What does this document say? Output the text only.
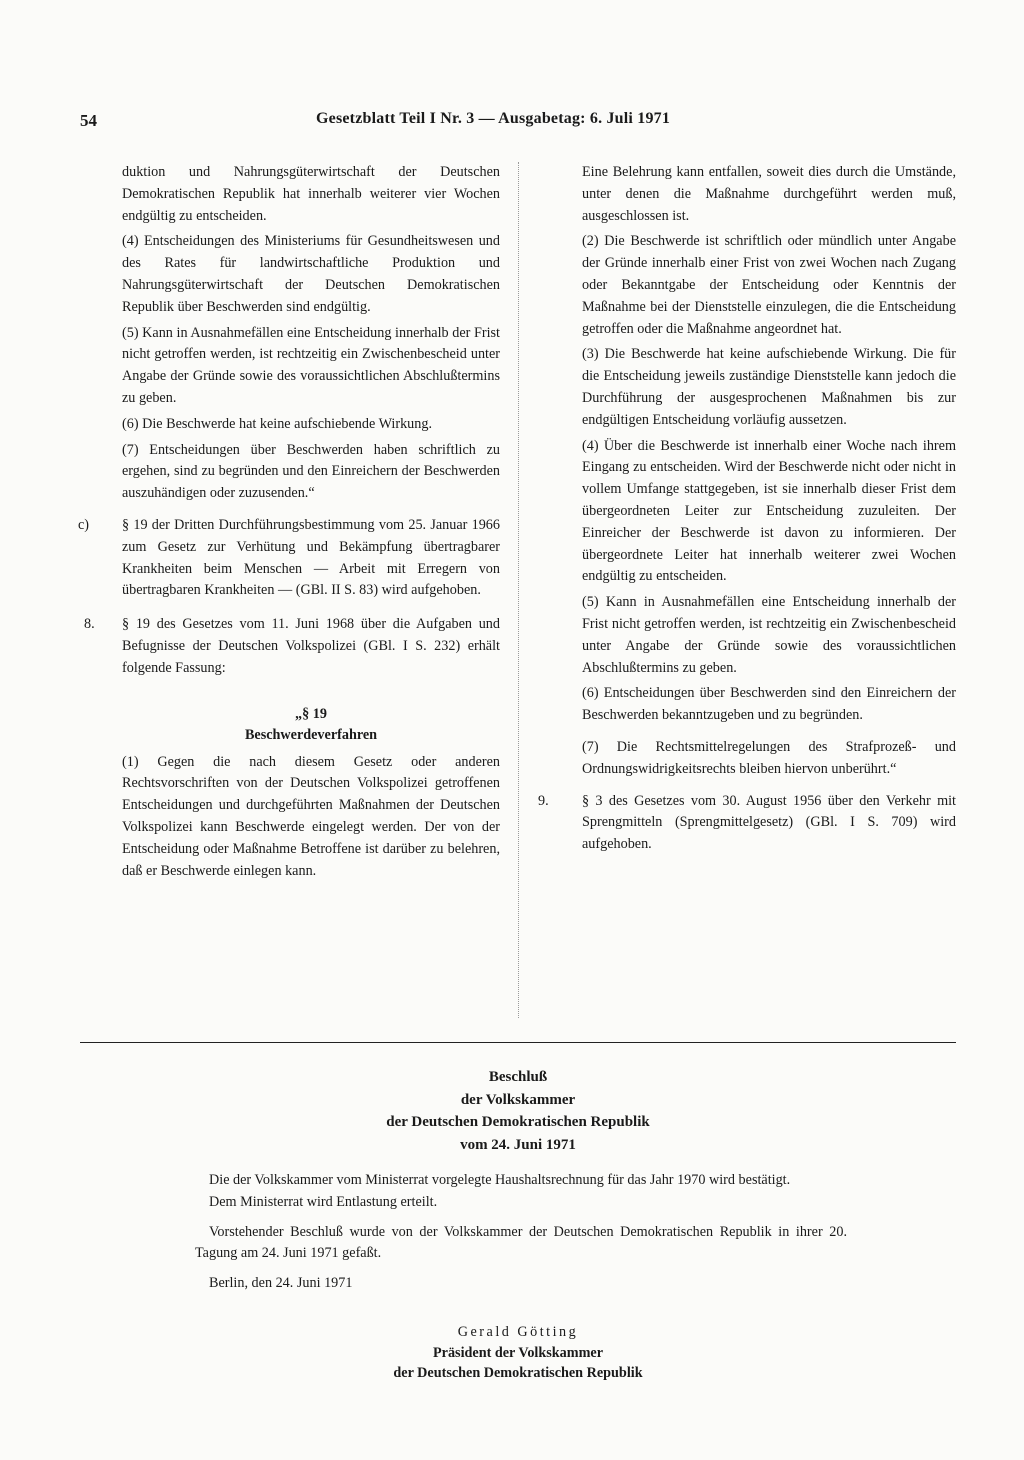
54	Gesetzblatt Teil I Nr. 3 — Ausgabetag: 6. Juli 1971

duktion und Nahrungsgüterwirtschaft der Deutschen Demokratischen Republik hat innerhalb weiterer vier Wochen endgültig zu entscheiden.

(4) Entscheidungen des Ministeriums für Gesundheitswesen und des Rates für landwirtschaftliche Produktion und Nahrungsgüterwirtschaft der Deutschen Demokratischen Republik über Beschwerden sind endgültig.

(5) Kann in Ausnahmefällen eine Entscheidung innerhalb der Frist nicht getroffen werden, ist rechtzeitig ein Zwischenbescheid unter Angabe der Gründe sowie des voraussichtlichen Abschlußtermins zu geben.

(6) Die Beschwerde hat keine aufschiebende Wirkung.

(7) Entscheidungen über Beschwerden haben schriftlich zu ergehen, sind zu begründen und den Einreichern der Beschwerden auszuhändigen oder zuzusenden.“

c) § 19 der Dritten Durchführungsbestimmung vom 25. Januar 1966 zum Gesetz zur Verhütung und Bekämpfung übertragbarer Krankheiten beim Menschen — Arbeit mit Erregern von übertragbaren Krankheiten — (GBl. II S. 83) wird aufgehoben.
8. § 19 des Gesetzes vom 11. Juni 1968 über die Aufgaben und Befugnisse der Deutschen Volkspolizei (GBl. I S. 232) erhält folgende Fassung:
„§ 19
Beschwerdeverfahren

(1) Gegen die nach diesem Gesetz oder anderen Rechtsvorschriften von der Deutschen Volkspolizei getroffenen Entscheidungen und durchgeführten Maßnahmen der Deutschen Volkspolizei kann Beschwerde eingelegt werden. Der von der Entscheidung oder Maßnahme Betroffene ist darüber zu belehren, daß er Beschwerde einlegen kann.

Eine Belehrung kann entfallen, soweit dies durch die Umstände, unter denen die Maßnahme durchgeführt werden muß, ausgeschlossen ist.

(2) Die Beschwerde ist schriftlich oder mündlich unter Angabe der Gründe innerhalb einer Frist von zwei Wochen nach Zugang oder Bekanntgabe der Entscheidung oder Kenntnis der Maßnahme bei der Dienststelle einzulegen, die die Entscheidung getroffen oder die Maßnahme angeordnet hat.

(3) Die Beschwerde hat keine aufschiebende Wirkung. Die für die Entscheidung jeweils zuständige Dienststelle kann jedoch die Durchführung der ausgesprochenen Maßnahmen bis zur endgültigen Entscheidung vorläufig aussetzen.

(4) Über die Beschwerde ist innerhalb einer Woche nach ihrem Eingang zu entscheiden. Wird der Beschwerde nicht oder nicht in vollem Umfange stattgegeben, ist sie innerhalb dieser Frist dem übergeordneten Leiter zur Entscheidung zuzuleiten. Der Einreicher der Beschwerde ist davon zu informieren. Der übergeordnete Leiter hat innerhalb weiterer zwei Wochen endgültig zu entscheiden.

(5) Kann in Ausnahmefällen eine Entscheidung innerhalb der Frist nicht getroffen werden, ist rechtzeitig ein Zwischenbescheid unter Angabe der Gründe sowie des voraussichtlichen Abschlußtermins zu geben.

(6) Entscheidungen über Beschwerden sind den Einreichern der Beschwerden bekanntzugeben und zu begründen.

(7) Die Rechtsmittelregelungen des Strafprozeß- und Ordnungswidrigkeitsrechts bleiben hiervon unberührt.“

9. § 3 des Gesetzes vom 30. August 1956 über den Verkehr mit Sprengmitteln (Sprengmittelgesetz) (GBl. I S. 709) wird aufgehoben.
Beschluß
der Volkskammer
der Deutschen Demokratischen Republik
vom 24. Juni 1971

Die der Volkskammer vom Ministerrat vorgelegte Haushaltsrechnung für das Jahr 1970 wird bestätigt.

Dem Ministerrat wird Entlastung erteilt.

Vorstehender Beschluß wurde von der Volkskammer der Deutschen Demokratischen Republik in ihrer 20. Tagung am 24. Juni 1971 gefaßt.

Berlin, den 24. Juni 1971

Gerald Götting
Präsident der Volkskammer
der Deutschen Demokratischen Republik
